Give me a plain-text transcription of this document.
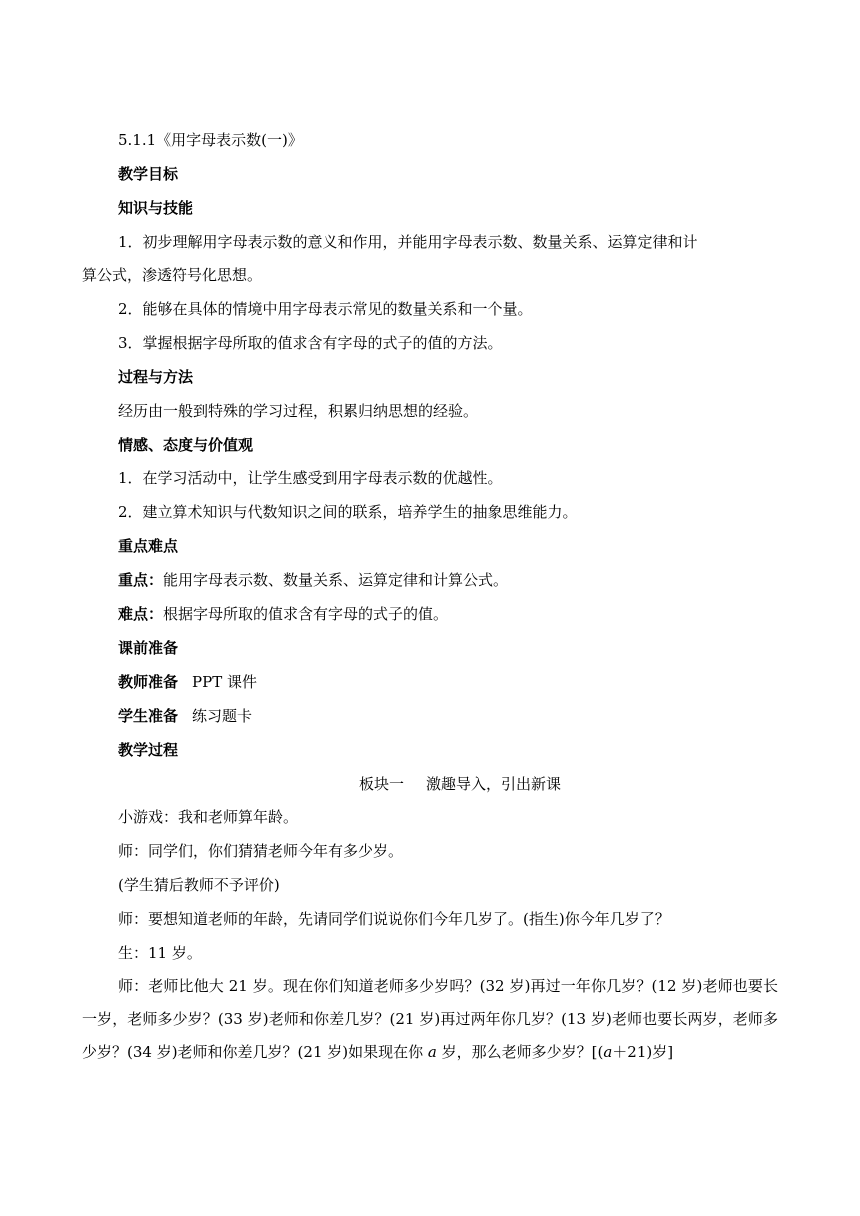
5.1.1《用字母表示数(一)》
教学目标
知识与技能
1．初步理解用字母表示数的意义和作用，并能用字母表示数、数量关系、运算定律和计
算公式，渗透符号化思想。
2．能够在具体的情境中用字母表示常见的数量关系和一个量。
3．掌握根据字母所取的值求含有字母的式子的值的方法。
过程与方法
经历由一般到特殊的学习过程，积累归纳思想的经验。
情感、态度与价值观
1．在学习活动中，让学生感受到用字母表示数的优越性。
2．建立算术知识与代数知识之间的联系，培养学生的抽象思维能力。
重点难点
重点：能用字母表示数、数量关系、运算定律和计算公式。
难点：根据字母所取的值求含有字母的式子的值。
课前准备
教师准备 PPT 课件
学生准备 练习题卡
教学过程
板块一 激趣导入，引出新课
小游戏：我和老师算年龄。
师：同学们，你们猜猜老师今年有多少岁。
(学生猜后教师不予评价)
师：要想知道老师的年龄，先请同学们说说你们今年几岁了。(指生)你今年几岁了？
生：11 岁。
师：老师比他大 21 岁。现在你们知道老师多少岁吗？(32 岁)再过一年你几岁？(12 岁)老师也要长一岁，老师多少岁？(33 岁)老师和你差几岁？(21 岁)再过两年你几岁？(13 岁)老师也要长两岁，老师多少岁？(34 岁)老师和你差几岁？(21 岁)如果现在你 a 岁，那么老师多少岁？[(a＋21)岁]
